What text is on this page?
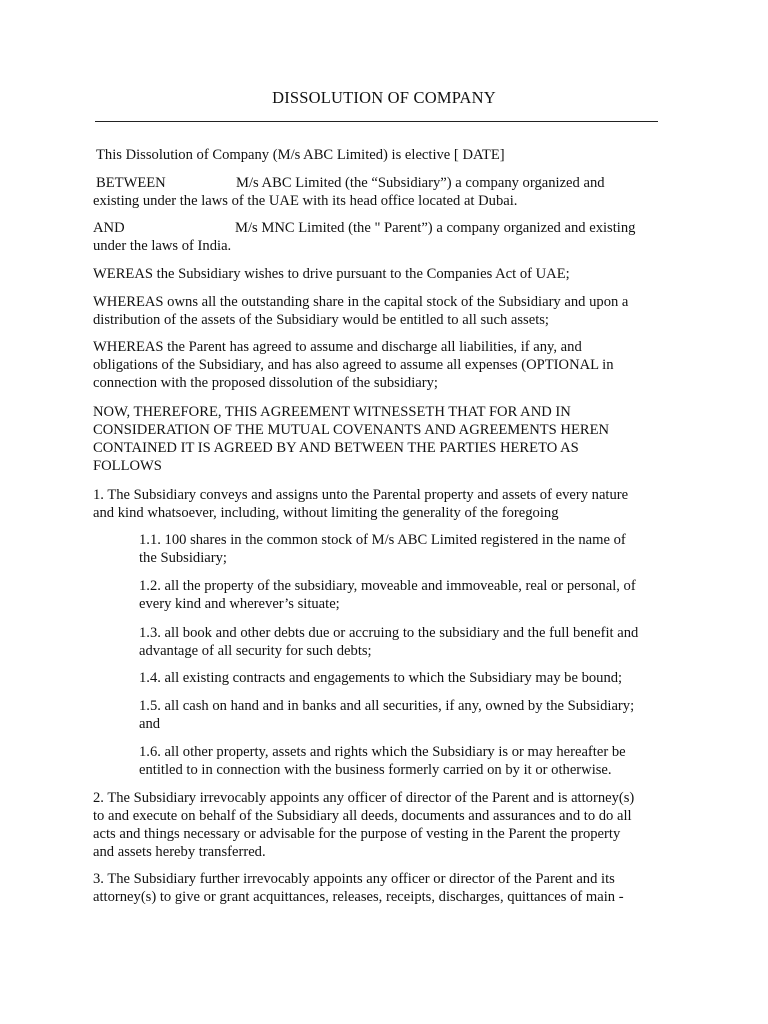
DISSOLUTION OF COMPANY
This Dissolution of Company (M/s ABC Limited) is elective [ DATE]
BETWEEN	M/s ABC Limited (the “Subsidiary”) a company organized and
existing under the laws of the UAE with its head office located at Dubai.
AND	M/s MNC Limited (the " Parent”) a company organized and existing
under the laws of India.
WEREAS the Subsidiary wishes to drive pursuant to the Companies Act of UAE;
WHEREAS owns all the outstanding share in the capital stock of the Subsidiary and upon a
distribution of the assets of the Subsidiary would be entitled to all such assets;
WHEREAS the Parent has agreed to assume and discharge all liabilities, if any, and
obligations of the Subsidiary, and has also agreed to assume all expenses (OPTIONAL in
connection with the proposed dissolution of the subsidiary;
NOW, THEREFORE, THIS AGREEMENT WITNESSETH THAT FOR AND IN
CONSIDERATION OF THE MUTUAL COVENANTS AND AGREEMENTS HEREN
CONTAINED IT IS AGREED BY AND BETWEEN THE PARTIES HERETO AS
FOLLOWS
1. The Subsidiary conveys and assigns unto the Parental property and assets of every nature
and kind whatsoever, including, without limiting the generality of the foregoing
1.1. 100 shares in the common stock of M/s ABC Limited registered in the name of
the Subsidiary;
1.2. all the property of the subsidiary, moveable and immoveable, real or personal, of
every kind and wherever’s situate;
1.3. all book and other debts due or accruing to the subsidiary and the full benefit and
advantage of all security for such debts;
1.4. all existing contracts and engagements to which the Subsidiary may be bound;
1.5. all cash on hand and in banks and all securities, if any, owned by the Subsidiary;
and
1.6. all other property, assets and rights which the Subsidiary is or may hereafter be
entitled to in connection with the business formerly carried on by it or otherwise.
2. The Subsidiary irrevocably appoints any officer of director of the Parent and is attorney(s)
to and execute on behalf of the Subsidiary all deeds, documents and assurances and to do all
acts and things necessary or advisable for the purpose of vesting in the Parent the property
and assets hereby transferred.
3. The Subsidiary further irrevocably appoints any officer or director of the Parent and its
attorney(s) to give or grant acquittances, releases, receipts, discharges, quittances of main -
